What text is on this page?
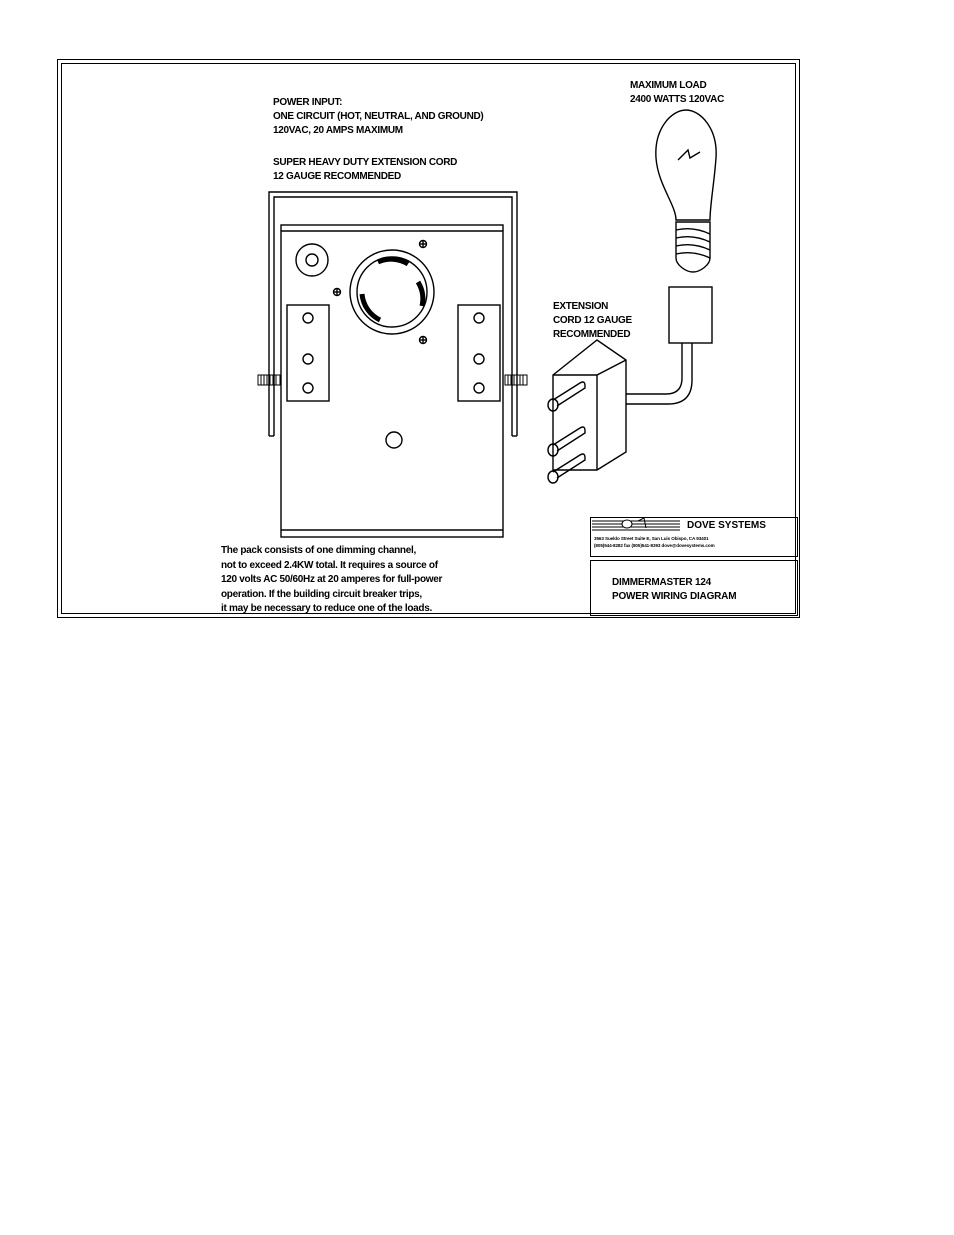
POWER INPUT:
ONE CIRCUIT (HOT, NEUTRAL, AND GROUND)
120VAC, 20 AMPS MAXIMUM
SUPER HEAVY DUTY EXTENSION CORD
12 GAUGE RECOMMENDED
MAXIMUM LOAD
2400 WATTS 120VAC
EXTENSION
CORD 12 GAUGE
RECOMMENDED
The pack consists of one dimming channel,
not to exceed 2.4KW total. It requires a source of
120 volts AC 50/60Hz at 20 amperes for full-power
operation. If the building circuit breaker trips,
it may be necessary to reduce one of the loads.
DOVE SYSTEMS
3563 Sueldo Street Suite E, San Luis Obispo, CA 93401
(805)544-8282 fax (805)541-8393 dove@dovesystems.com
DIMMERMASTER 124
POWER WIRING DIAGRAM
